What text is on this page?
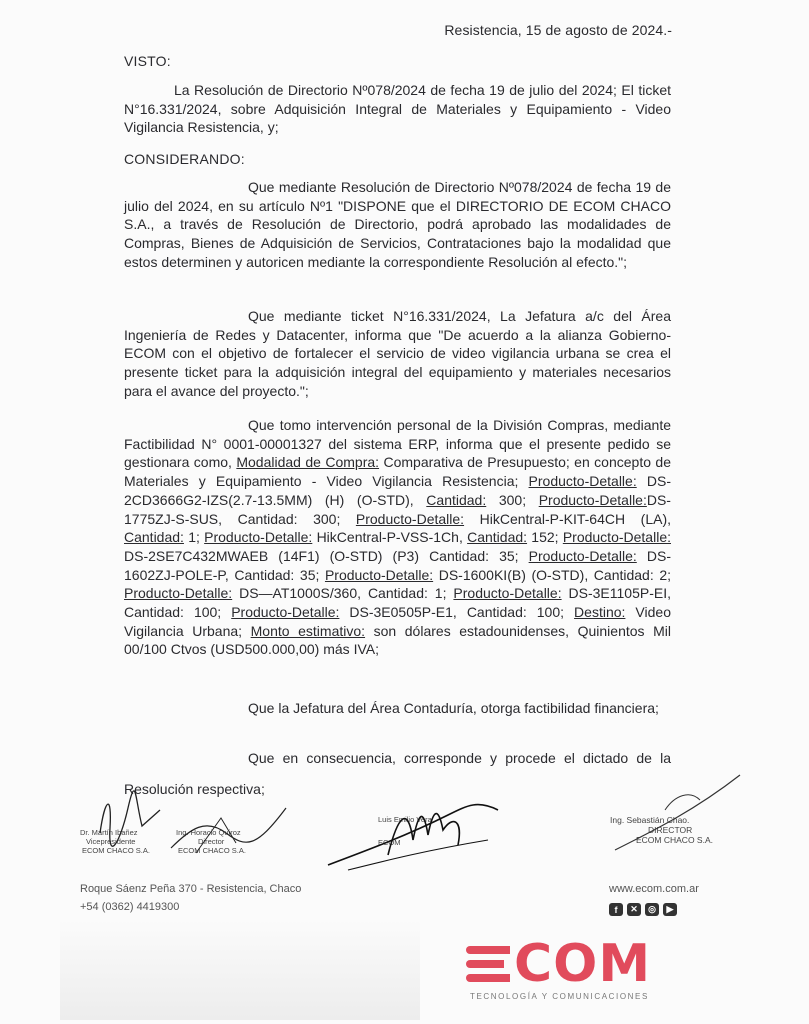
Resistencia, 15 de agosto de 2024.-
VISTO:
La Resolución de Directorio Nº078/2024 de fecha 19 de julio del 2024; El ticket N°16.331/2024, sobre Adquisición Integral de Materiales y Equipamiento - Video Vigilancia Resistencia, y;
CONSIDERANDO:
Que mediante Resolución de Directorio Nº078/2024 de fecha 19 de julio del 2024, en su artículo Nº1 "DISPONE que el DIRECTORIO DE ECOM CHACO S.A., a través de Resolución de Directorio, podrá aprobado las modalidades de Compras, Bienes de Adquisición de Servicios, Contrataciones bajo la modalidad que estos determinen y autoricen mediante la correspondiente Resolución al efecto.";
Que mediante ticket N°16.331/2024, La Jefatura a/c del Área Ingeniería de Redes y Datacenter, informa que "De acuerdo a la alianza Gobierno-ECOM con el objetivo de fortalecer el servicio de video vigilancia urbana se crea el presente ticket para la adquisición integral del equipamiento y materiales necesarios para el avance del proyecto.";
Que tomo intervención personal de la División Compras, mediante Factibilidad N° 0001-00001327 del sistema ERP, informa que el presente pedido se gestionara como, Modalidad de Compra: Comparativa de Presupuesto; en concepto de Materiales y Equipamiento - Video Vigilancia Resistencia; Producto-Detalle: DS-2CD3666G2-IZS(2.7-13.5MM) (H) (O-STD), Cantidad: 300; Producto-Detalle:DS-1775ZJ-S-SUS, Cantidad: 300; Producto-Detalle: HikCentral-P-KIT-64CH (LA), Cantidad: 1; Producto-Detalle: HikCentral-P-VSS-1Ch, Cantidad: 152; Producto-Detalle: DS-2SE7C432MWAEB (14F1) (O-STD) (P3) Cantidad: 35; Producto-Detalle: DS-1602ZJ-POLE-P, Cantidad: 35; Producto-Detalle: DS-1600KI(B) (O-STD), Cantidad: 2; Producto-Detalle: DS—AT1000S/360, Cantidad: 1; Producto-Detalle: DS-3E1105P-EI, Cantidad: 100; Producto-Detalle: DS-3E0505P-E1, Cantidad: 100; Destino: Video Vigilancia Urbana; Monto estimativo: son dólares estadounidenses, Quinientos Mil 00/100 Ctvos (USD500.000,00) más IVA;
Que la Jefatura del Área Contaduría, otorga factibilidad financiera;
Que en consecuencia, corresponde y procede el dictado de la Resolución respectiva;
Dr. Martín Ibañez
Vicepresidente
ECOM CHACO S.A.
Ing. Horacio Quiroz
Director
ECOM CHACO S.A.
Luis Emilio Vera
ECOM
Ing. Sebastián Chao.
DIRECTOR
ECOM CHACO S.A.
Roque Sáenz Peña 370 - Resistencia, Chaco
+54 (0362) 4419300
www.ecom.com.ar
f	✕	◎	▶
COM
TECNOLOGÍA Y COMUNICACIONES
